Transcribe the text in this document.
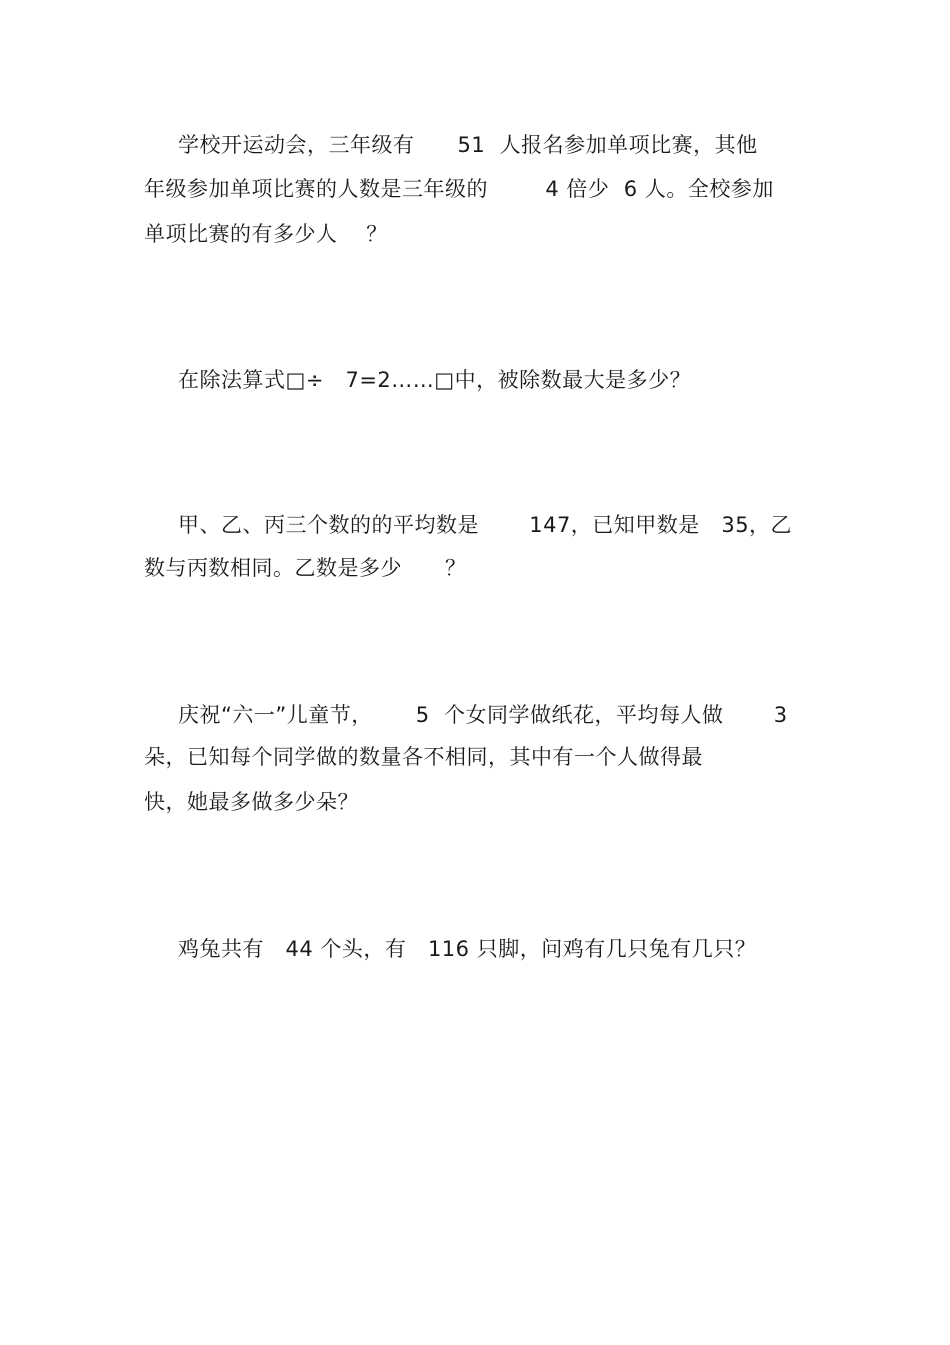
学校开运动会，三年级有      51  人报名参加单项比赛，其他
年级参加单项比赛的人数是三年级的        4 倍少  6 人。全校参加
单项比赛的有多少人    ？
在除法算式□÷   7=2……□中，被除数最大是多少？
甲、乙、丙三个数的的平均数是       147，已知甲数是   35，乙
数与丙数相同。乙数是多少      ？
庆祝“六一”儿童节，      5  个女同学做纸花，平均每人做       3
朵，已知每个同学做的数量各不相同，其中有一个人做得最
快，她最多做多少朵？
鸡兔共有   44 个头，有   116 只脚，问鸡有几只兔有几只？
